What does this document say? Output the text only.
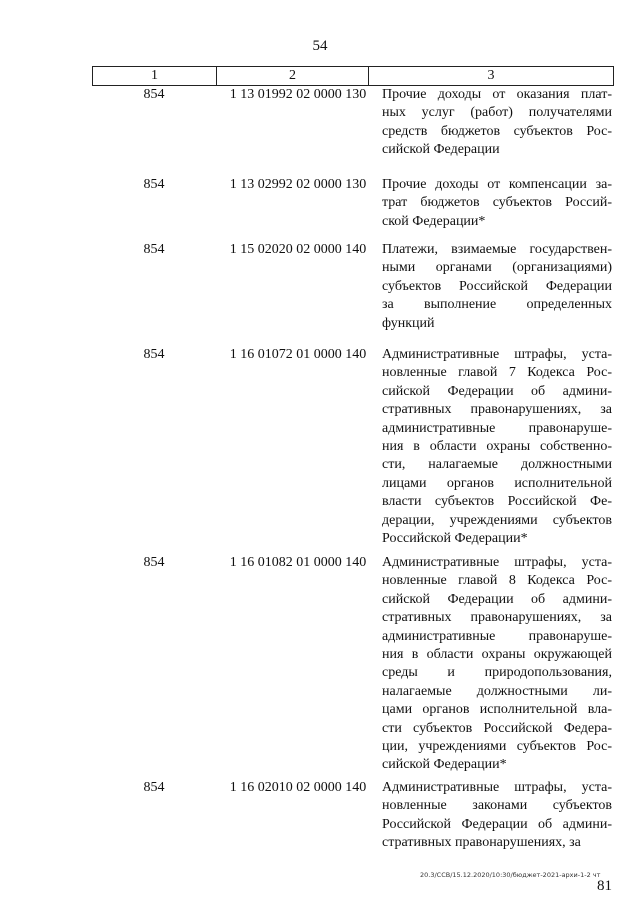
54
1	2	3
854	1 13 01992 02 0000 130	Прочие доходы от оказания плат-
ных услуг (работ) получателями
средств бюджетов субъектов Рос-
сийской Федерации
854	1 13 02992 02 0000 130	Прочие доходы от компенсации за-
трат бюджетов субъектов Россий-
ской Федерации*
854	1 15 02020 02 0000 140	Платежи, взимаемые государствен-
ными органами (организациями)
субъектов Российской Федерации
за выполнение определенных
функций
854	1 16 01072 01 0000 140	Административные штрафы, уста-
новленные главой 7 Кодекса Рос-
сийской Федерации об админи-
стративных правонарушениях, за
административные правонаруше-
ния в области охраны собственно-
сти, налагаемые должностными
лицами органов исполнительной
власти субъектов Российской Фе-
дерации, учреждениями субъектов
Российской Федерации*
854	1 16 01082 01 0000 140	Административные штрафы, уста-
новленные главой 8 Кодекса Рос-
сийской Федерации об админи-
стративных правонарушениях, за
административные правонаруше-
ния в области охраны окружающей
среды и природопользования,
налагаемые должностными ли-
цами органов исполнительной вла-
сти субъектов Российской Федера-
ции, учреждениями субъектов Рос-
сийской Федерации*
854	1 16 02010 02 0000 140	Административные штрафы, уста-
новленные законами субъектов
Российской Федерации об админи-
стративных правонарушениях, за
20.3/ССВ/15.12.2020/10:30/бюджет-2021-архи-1-2 чт
81
